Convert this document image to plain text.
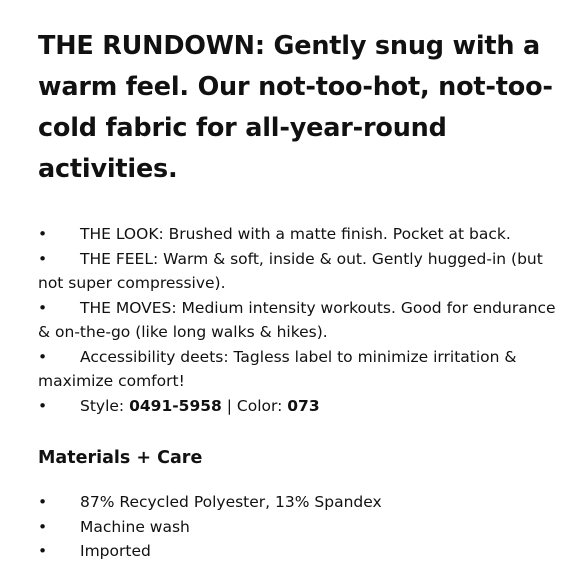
THE RUNDOWN: Gently snug with a warm feel. Our not-too-hot, not-too-cold fabric for all-year-round activities.
• THE LOOK: Brushed with a matte finish. Pocket at back.
• THE FEEL: Warm & soft, inside & out. Gently hugged-in (but not super compressive).
• THE MOVES: Medium intensity workouts. Good for endurance & on-the-go (like long walks & hikes).
• Accessibility deets: Tagless label to minimize irritation & maximize comfort!
• Style: 0491-5958 | Color: 073
Materials + Care
• 87% Recycled Polyester, 13% Spandex
• Machine wash
• Imported
